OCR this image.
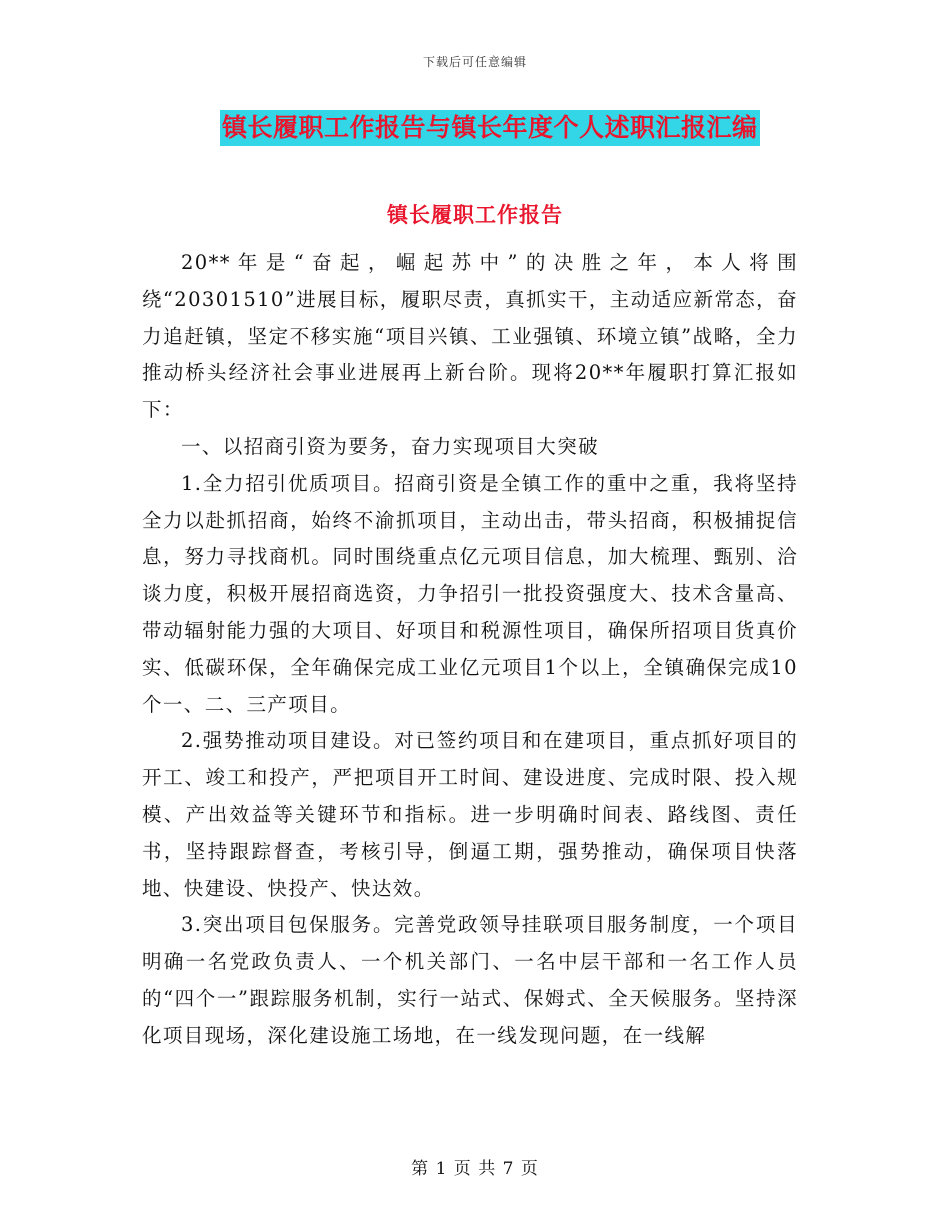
下载后可任意编辑
镇长履职工作报告与镇长年度个人述职汇报汇编
镇长履职工作报告

20**年是“奋起，崛起苏中”的决胜之年，本人将围绕“20301510”进展目标，履职尽责，真抓实干，主动适应新常态，奋力追赶镇，坚定不移实施“项目兴镇、工业强镇、环境立镇”战略，全力推动桥头经济社会事业进展再上新台阶。现将20**年履职打算汇报如下：

一、以招商引资为要务，奋力实现项目大突破

1.全力招引优质项目。招商引资是全镇工作的重中之重，我将坚持全力以赴抓招商，始终不渝抓项目，主动出击，带头招商，积极捕捉信息，努力寻找商机。同时围绕重点亿元项目信息，加大梳理、甄别、洽谈力度，积极开展招商选资，力争招引一批投资强度大、技术含量高、带动辐射能力强的大项目、好项目和税源性项目，确保所招项目货真价实、低碳环保，全年确保完成工业亿元项目1个以上，全镇确保完成10个一、二、三产项目。

2.强势推动项目建设。对已签约项目和在建项目，重点抓好项目的开工、竣工和投产，严把项目开工时间、建设进度、完成时限、投入规模、产出效益等关键环节和指标。进一步明确时间表、路线图、责任书，坚持跟踪督查，考核引导，倒逼工期，强势推动，确保项目快落地、快建设、快投产、快达效。

3.突出项目包保服务。完善党政领导挂联项目服务制度，一个项目明确一名党政负责人、一个机关部门、一名中层干部和一名工作人员的“四个一”跟踪服务机制，实行一站式、保姆式、全天候服务。坚持深化项目现场，深化建设施工场地，在一线发现问题，在一线解

第 1 页 共 7 页
